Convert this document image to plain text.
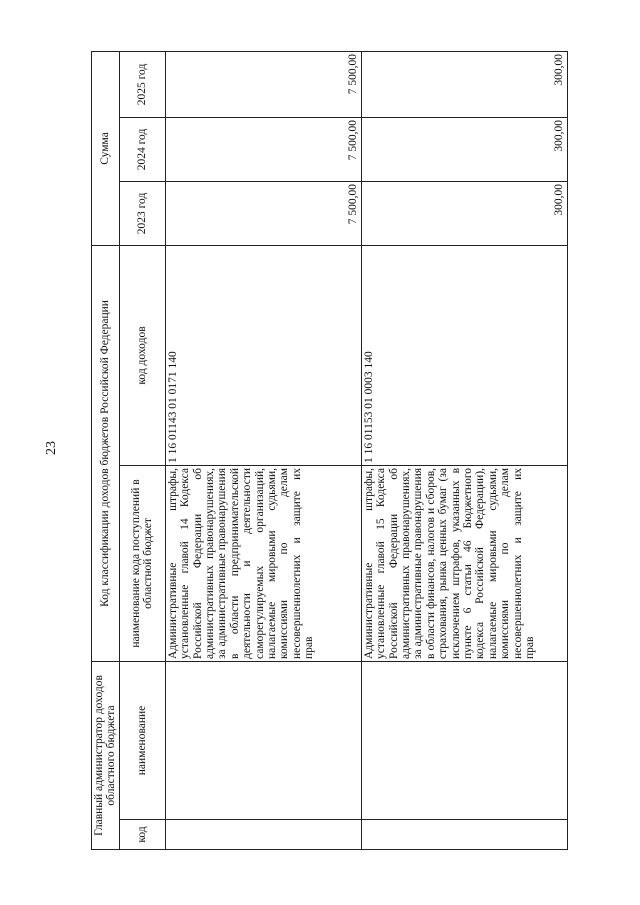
23
Главный администратор доходов областного бюджета		Код классификации доходов бюджетов Российской Федерации		Сумма		
код	наименование	наименование кода поступлений в областной бюджет	код доходов	2023 год	2024 год	2025 год
		Административные штрафы, установленные главой 14 Кодекса Российской Федерации об административных правонарушениях, за административные правонарушения в области предпринимательской деятельности и деятельности саморегулируемых организаций, налагаемые мировыми судьями, комиссиями по делам несовершеннолетних и защите их прав	1 16 01143 01 0171 140	7 500,00	7 500,00	7 500,00
		Административные штрафы, установленные главой 15 Кодекса Российской Федерации об административных правонарушениях, за административные правонарушения в области финансов, налогов и сборов, страхования, рынка ценных бумаг (за исключением штрафов, указанных в пункте 6 статьи 46 Бюджетного кодекса Российской Федерации), налагаемые мировыми судьями, комиссиями по делам несовершеннолетних и защите их прав	1 16 01153 01 0003 140	300,00	300,00	300,00
